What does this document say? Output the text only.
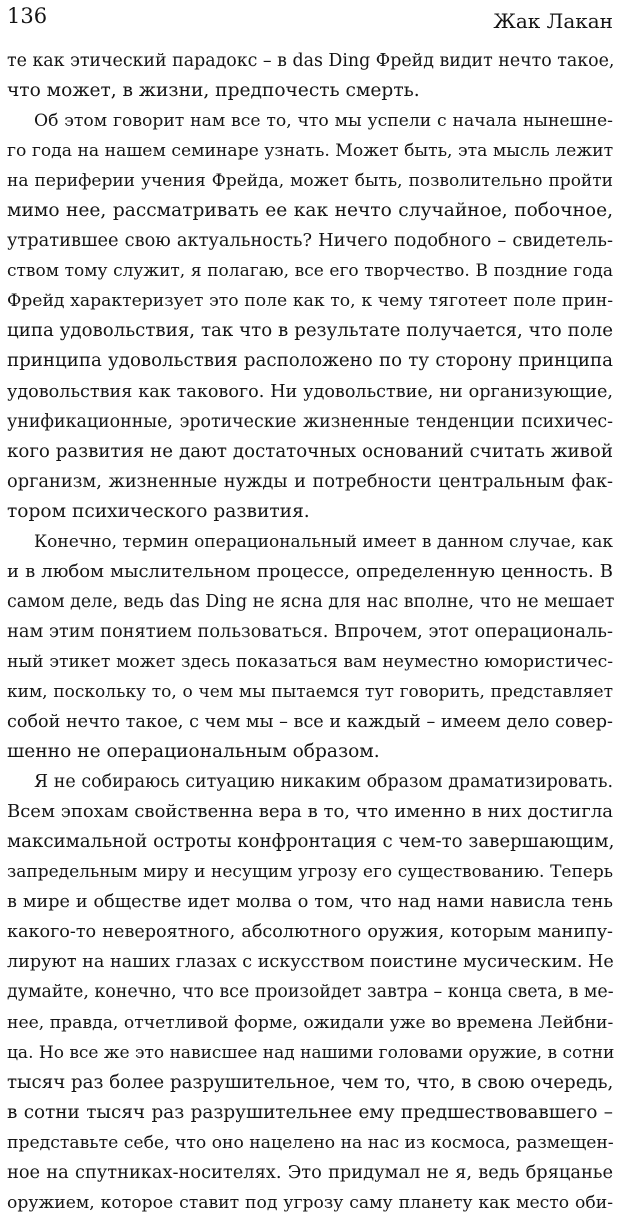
136	Жак Лакан
те как этический парадокс – в das Ding Фрейд видит нечто такое,
что может, в жизни, предпочесть смерть.
Об этом говорит нам все то, что мы успели с начала нынешне-
го года на нашем семинаре узнать. Может быть, эта мысль лежит
на периферии учения Фрейда, может быть, позволительно пройти
мимо нее, рассматривать ее как нечто случайное, побочное,
утратившее свою актуальность? Ничего подобного – свидетель-
ством тому служит, я полагаю, все его творчество. В поздние года
Фрейд характеризует это поле как то, к чему тяготеет поле прин-
ципа удовольствия, так что в результате получается, что поле
принципа удовольствия расположено по ту сторону принципа
удовольствия как такового. Ни удовольствие, ни организующие,
унификационные, эротические жизненные тенденции психичес-
кого развития не дают достаточных оснований считать живой
организм, жизненные нужды и потребности центральным фак-
тором психического развития.
Конечно, термин операциональный имеет в данном случае, как
и в любом мыслительном процессе, определенную ценность. В
самом деле, ведь das Ding не ясна для нас вполне, что не мешает
нам этим понятием пользоваться. Впрочем, этот операциональ-
ный этикет может здесь показаться вам неуместно юмористичес-
ким, поскольку то, о чем мы пытаемся тут говорить, представляет
собой нечто такое, с чем мы – все и каждый – имеем дело совер-
шенно не операциональным образом.
Я не собираюсь ситуацию никаким образом драматизировать.
Всем эпохам свойственна вера в то, что именно в них достигла
максимальной остроты конфронтация с чем-то завершающим,
запредельным миру и несущим угрозу его существованию. Теперь
в мире и обществе идет молва о том, что над нами нависла тень
какого-то невероятного, абсолютного оружия, которым манипу-
лируют на наших глазах с искусством поистине мусическим. Не
думайте, конечно, что все произойдет завтра – конца света, в ме-
нее, правда, отчетливой форме, ожидали уже во времена Лейбни-
ца. Но все же это нависшее над нашими головами оружие, в сотни
тысяч раз более разрушительное, чем то, что, в свою очередь,
в сотни тысяч раз разрушительнее ему предшествовавшего –
представьте себе, что оно нацелено на нас из космоса, размещен-
ное на спутниках-носителях. Это придумал не я, ведь бряцанье
оружием, которое ставит под угрозу саму планету как место оби-
